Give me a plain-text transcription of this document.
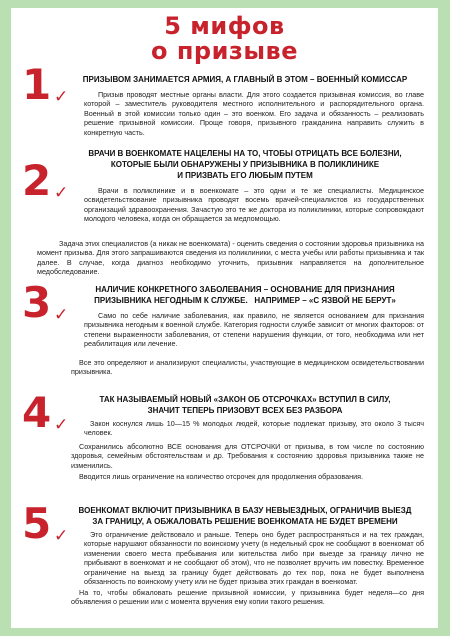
5 мифов
о призыве
1 ✓
ПРИЗЫВОМ ЗАНИМАЕТСЯ АРМИЯ, А ГЛАВНЫЙ В ЭТОМ – ВОЕННЫЙ КОМИССАР

Призыв проводят местные органы власти. Для этого создается призывная комиссия, во главе которой – заместитель руководителя местного исполнительного и распорядительного органа. Военный в этой комиссии только один – это военком. Его задача и обязанность – реализовать решение призывной комиссии. Проще говоря, призывного гражданина направить служить в конкретную часть.

2 ✓
ВРАЧИ В ВОЕНКОМАТЕ НАЦЕЛЕНЫ НА ТО, ЧТОБЫ ОТРИЦАТЬ ВСЕ БОЛЕЗНИ,
КОТОРЫЕ БЫЛИ ОБНАРУЖЕНЫ У ПРИЗЫВНИКА В ПОЛИКЛИНИКЕ
И ПРИЗВАТЬ ЕГО ЛЮБЫМ ПУТЕМ

Врачи в поликлинике и в военкомате – это одни и те же специалисты. Медицинское освидетельствование призывника проводят восемь врачей-специалистов из государственных организаций здравоохранения. Зачастую это те же доктора из поликлиники, которые сопровождают молодого человека, когда он обращается за медпомощью.

Задача этих специалистов (а никак не военкомата) - оценить сведения о состоянии здоровья призывника на момент призыва. Для этого запрашиваются сведения из поликлиники, с места учебы или работы призывника и так далее. В случае, когда диагноз необходимо уточнить, призывник направляется на дополнительное медобследование.

3 ✓
НАЛИЧИЕ КОНКРЕТНОГО ЗАБОЛЕВАНИЯ – ОСНОВАНИЕ ДЛЯ ПРИЗНАНИЯ
ПРИЗЫВНИКА НЕГОДНЫМ К СЛУЖБЕ.   НАПРИМЕР – «С ЯЗВОЙ НЕ БЕРУТ»

Само по себе наличие заболевания, как правило, не является основанием для признания призывника негодным к военной службе. Категория годности службе зависит от многих факторов: от степени выраженности заболевания, от степени нарушения функции, от того, необходима или нет реабилитация или лечение.

Все это определяют и анализируют специалисты, участвующие в медицинском освидетельствовании призывника.

4 ✓
ТАК НАЗЫВАЕМЫЙ НОВЫЙ «ЗАКОН ОБ ОТСРОЧКАХ» ВСТУПИЛ В СИЛУ,
ЗНАЧИТ ТЕПЕРЬ ПРИЗОВУТ ВСЕХ БЕЗ РАЗБОРА

Закон коснулся лишь 10—15 % молодых людей, которые подлежат призыву, это около 3 тысяч человек.

Сохранились абсолютно ВСЕ основания для ОТСРОЧКИ от призыва, в том числе по состоянию здоровья, семейным обстоятельствам и др. Требования к состоянию здоровья призывника также не изменились.

Вводится лишь ограничение на количество отсрочек для продолжения образования.

5 ✓
ВОЕНКОМАТ ВКЛЮЧИТ ПРИЗЫВНИКА В БАЗУ НЕВЫЕЗДНЫХ, ОГРАНИЧИВ ВЫЕЗД
ЗА ГРАНИЦУ, А ОБЖАЛОВАТЬ РЕШЕНИЕ ВОЕНКОМАТА НЕ БУДЕТ ВРЕМЕНИ

Это ограничение действовало и раньше. Теперь оно будет распространяться и на тех граждан, которые нарушают обязанности по воинскому учету (в недельный срок не сообщают в военкомат об изменении своего места пребывания или жительства либо при выезде за границу лично не прибывают в военкомат и не сообщают об этом), что не позволяет вручить им повестку. Временное ограничение на выезд за границу будет действовать до тех пор, пока не будет выполнена обязанность по воинскому учету или не будет призыва этих граждан в военкомат.

На то, чтобы обжаловать решение призывной комиссии, у призывника будет неделя—со дня объявления о решении или с момента вручения ему копии такого решения.
